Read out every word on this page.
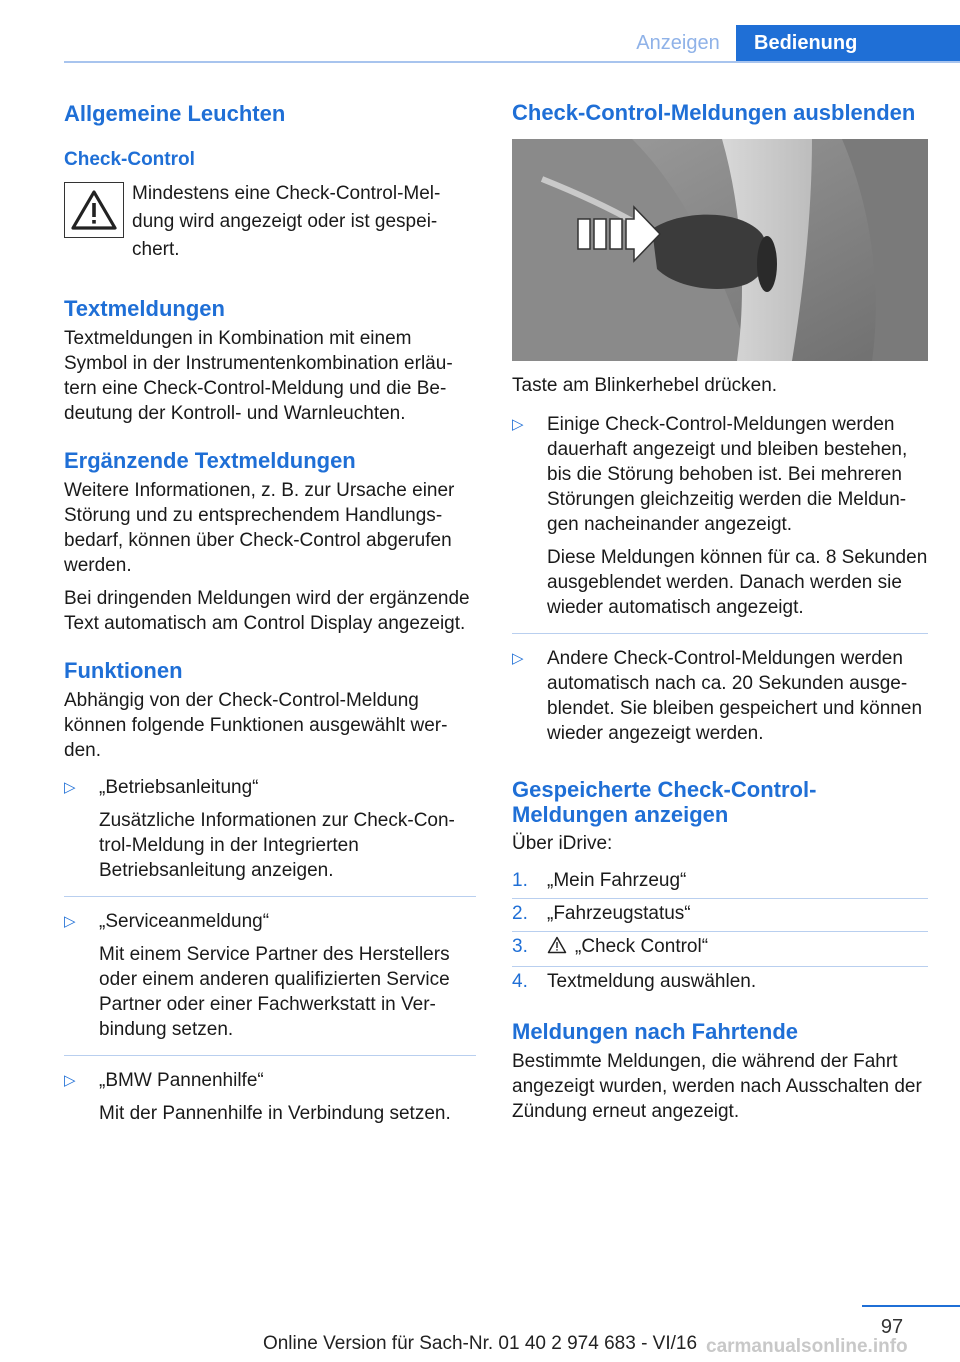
Anzeigen	Bedienung
Allgemeine Leuchten
Check-Control
Mindestens eine Check-Control-Meldung wird angezeigt oder ist gespeichert.
Textmeldungen

Textmeldungen in Kombination mit einem Symbol in der Instrumentenkombination erläutern eine Check-Control-Meldung und die Bedeutung der Kontroll- und Warnleuchten.

Ergänzende Textmeldungen

Weitere Informationen, z. B. zur Ursache einer Störung und zu entsprechendem Handlungsbedarf, können über Check-Control abgerufen werden.

Bei dringenden Meldungen wird der ergänzende Text automatisch am Control Display angezeigt.

Funktionen

Abhängig von der Check-Control-Meldung können folgende Funktionen ausgewählt werden.

▷ „Betriebsanleitung“

Zusätzliche Informationen zur Check-Control-Meldung in der Integrierten Betriebsanleitung anzeigen.

▷ „Serviceanmeldung“

Mit einem Service Partner des Herstellers oder einem anderen qualifizierten Service Partner oder einer Fachwerkstatt in Verbindung setzen.

▷ „BMW Pannenhilfe“

Mit der Pannenhilfe in Verbindung setzen.

Check-Control-Meldungen ausblenden

Taste am Blinkerhebel drücken.

▷ Einige Check-Control-Meldungen werden dauerhaft angezeigt und bleiben bestehen, bis die Störung behoben ist. Bei mehreren Störungen gleichzeitig werden die Meldungen nacheinander angezeigt.

Diese Meldungen können für ca. 8 Sekunden ausgeblendet werden. Danach werden sie wieder automatisch angezeigt.

▷ Andere Check-Control-Meldungen werden automatisch nach ca. 20 Sekunden ausgeblendet. Sie bleiben gespeichert und können wieder angezeigt werden.
Gespeicherte Check-Control-Meldungen anzeigen

Über iDrive:

1. „Mein Fahrzeug“
2. „Fahrzeugstatus“
3. „Check Control“
4. Textmeldung auswählen.
Meldungen nach Fahrtende

Bestimmte Meldungen, die während der Fahrt angezeigt wurden, werden nach Ausschalten der Zündung erneut angezeigt.

97
carmanualsonline.info
Online Version für Sach-Nr. 01 40 2 974 683 - VI/16
